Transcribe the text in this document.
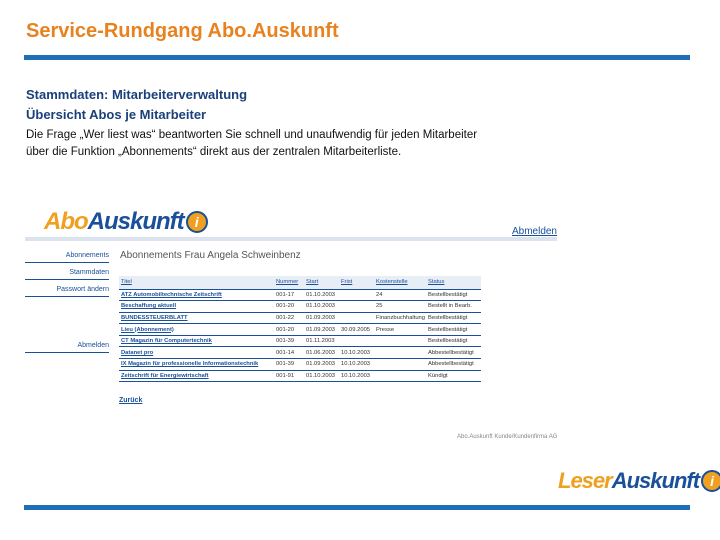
Service-Rundgang Abo.Auskunft
Stammdaten: Mitarbeiterverwaltung
Übersicht Abos je Mitarbeiter
Die Frage „Wer liest was“ beantworten Sie schnell und unaufwendig für jeden Mitarbeiter
über die Funktion „Abonnements“ direkt aus der zentralen Mitarbeiterliste.
Abo Auskunft i
Abmelden
Abonnements
Stammdaten
Passwort ändern
Abmelden
Abonnements Frau Angela Schweinbenz
Titel	Nummer	Start	Frist	Kostenstelle	Status
ATZ Automobiltechnische Zeitschrift	001-17	01.10.2003		24	Bestellbestätigt
Beschaffung aktuell	001-20	01.10.2003		25	Bestellt in Bearb.
BUNDESSTEUERBLATT	001-22	01.09.2003		Finanzbuchhaltung	Bestellbestätigt
Lieu (Abonnement)	001-20	01.09.2003	30.09.2005	Presse	Bestellbestätigt
CT Magazin für Computertechnik	001-39	01.11.2003			Bestellbestätigt
Datanet pro	001-14	01.06.2003	10.10.2003		Abbestellbestätigt
IX Magazin für professionelle Informationstechnik	001-39	01.09.2003	10.10.2003		Abbestellbestätigt
Zeitschrift für Energiewirtschaft	001-91	01.10.2003	10.10.2003		Kündigt
Zurück
Abo.Auskunft Kunde/Kundenfirma AG
Leser Auskunft i
